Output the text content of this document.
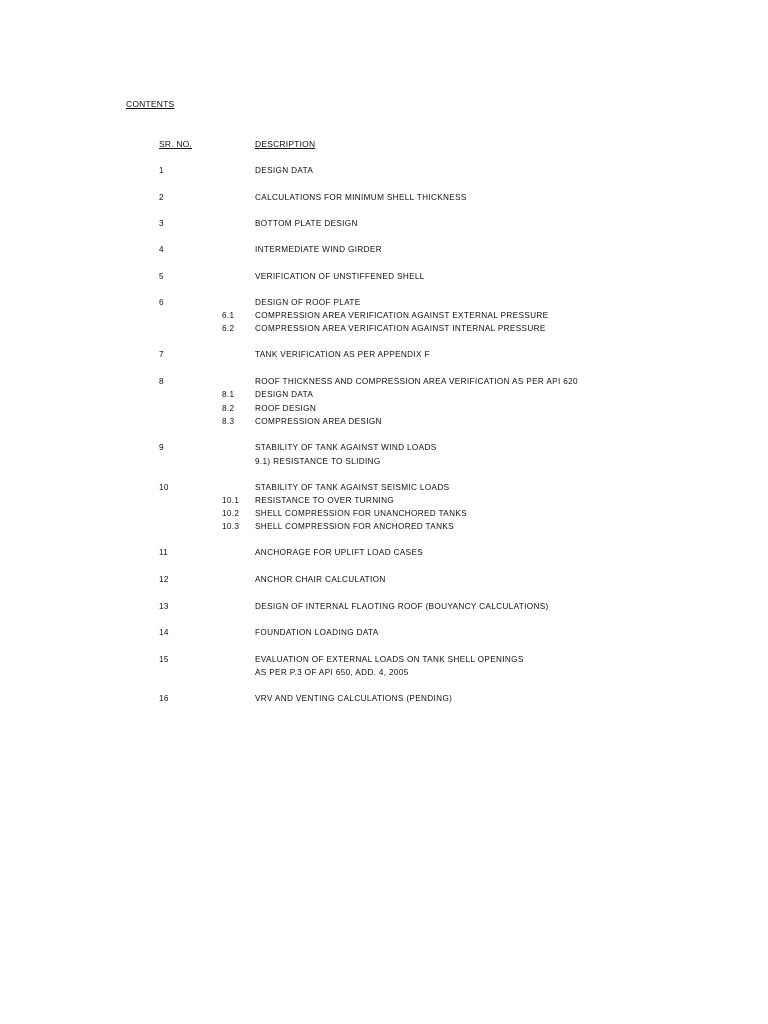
CONTENTS
SR. NO.	DESCRIPTION
1	DESIGN DATA
2	CALCULATIONS FOR MINIMUM SHELL THICKNESS
3	BOTTOM PLATE DESIGN
4	INTERMEDIATE WIND GIRDER
5	VERIFICATION OF UNSTIFFENED SHELL
6	DESIGN OF ROOF PLATE
6.1	COMPRESSION AREA VERIFICATION AGAINST EXTERNAL PRESSURE
6.2	COMPRESSION AREA VERIFICATION AGAINST INTERNAL PRESSURE
7	TANK VERIFICATION AS PER APPENDIX F
8	ROOF THICKNESS AND COMPRESSION AREA VERIFICATION AS PER API 620
8.1	DESIGN DATA
8.2	ROOF DESIGN
8.3	COMPRESSION AREA DESIGN
9	STABILITY OF TANK AGAINST WIND LOADS
9.1) RESISTANCE TO SLIDING
10	STABILITY OF TANK AGAINST SEISMIC LOADS
10.1 RESISTANCE TO OVER TURNING
10.2 SHELL COMPRESSION FOR UNANCHORED TANKS
10.3 SHELL COMPRESSION FOR ANCHORED TANKS
11	ANCHORAGE FOR UPLIFT LOAD CASES
12	ANCHOR CHAIR CALCULATION
13	DESIGN OF INTERNAL FLAOTING ROOF (BOUYANCY CALCULATIONS)
14	FOUNDATION LOADING DATA
15	EVALUATION OF EXTERNAL LOADS ON TANK SHELL OPENINGS
AS PER P.3 OF API 650, ADD. 4, 2005
16	VRV AND VENTING CALCULATIONS (PENDING)
